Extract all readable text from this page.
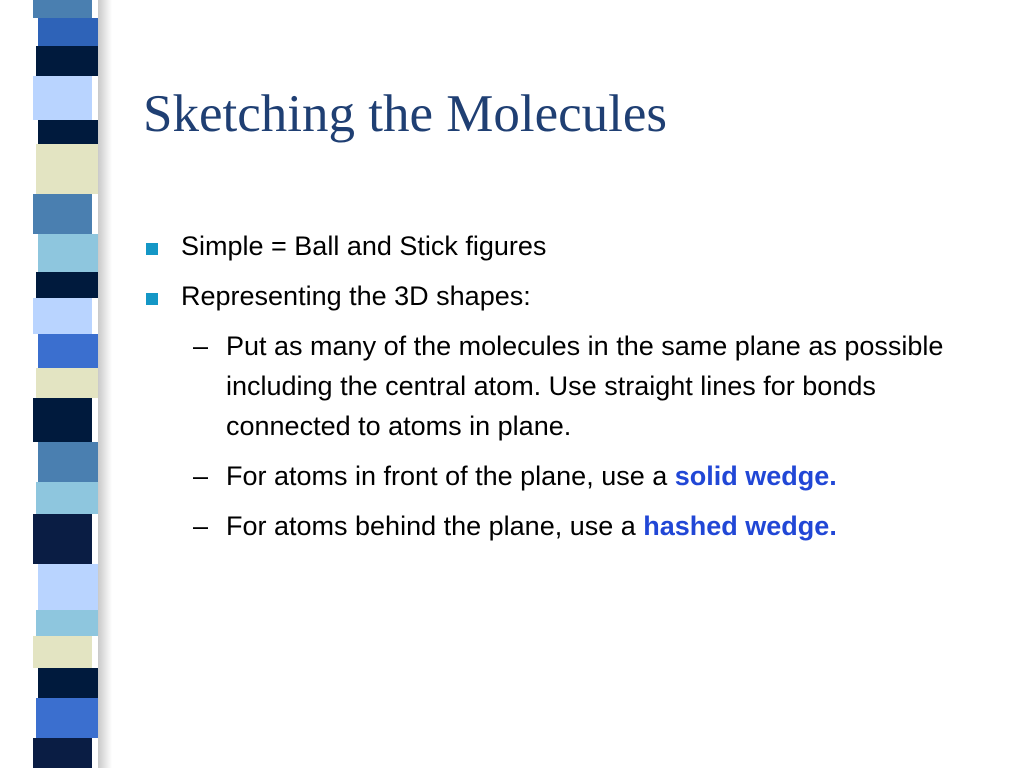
Sketching the Molecules
Simple = Ball and Stick figures
Representing the 3D shapes:
– Put as many of the molecules in the same plane as possible including the central atom. Use straight lines for bonds connected to atoms in plane.
– For atoms in front of the plane, use a solid wedge.
– For atoms behind the plane, use a hashed wedge.
